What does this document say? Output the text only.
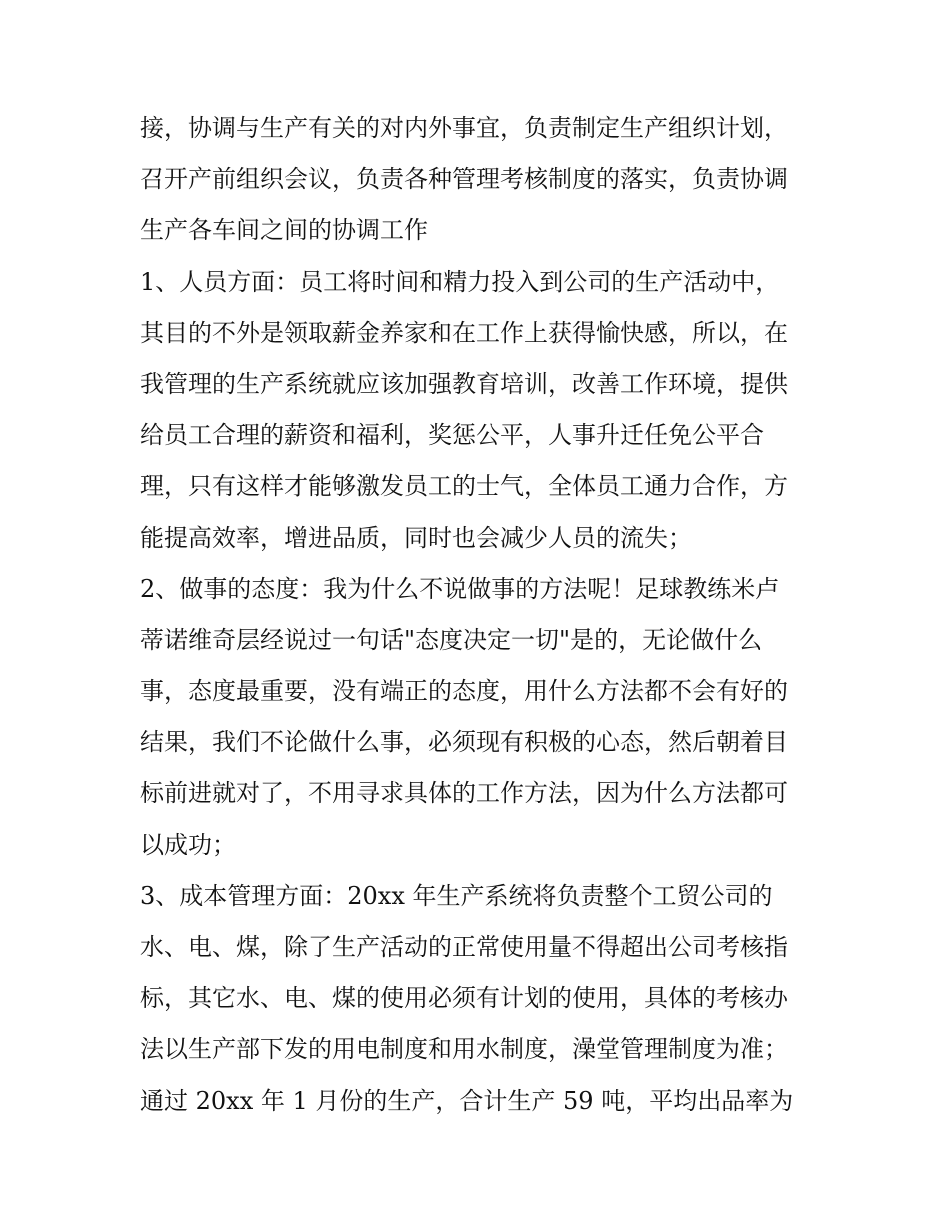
接，协调与生产有关的对内外事宜，负责制定生产组织计划，
召开产前组织会议，负责各种管理考核制度的落实，负责协调
生产各车间之间的协调工作
1、人员方面：员工将时间和精力投入到公司的生产活动中，
其目的不外是领取薪金养家和在工作上获得愉快感，所以，在
我管理的生产系统就应该加强教育培训，改善工作环境，提供
给员工合理的薪资和福利，奖惩公平，人事升迁任免公平合
理，只有这样才能够激发员工的士气，全体员工通力合作，方
能提高效率，增进品质，同时也会减少人员的流失；
2、做事的态度：我为什么不说做事的方法呢！足球教练米卢
蒂诺维奇层经说过一句话"态度决定一切"是的，无论做什么
事，态度最重要，没有端正的态度，用什么方法都不会有好的
结果，我们不论做什么事，必须现有积极的心态，然后朝着目
标前进就对了，不用寻求具体的工作方法，因为什么方法都可
以成功；
3、成本管理方面：20xx 年生产系统将负责整个工贸公司的
水、电、煤，除了生产活动的正常使用量不得超出公司考核指
标，其它水、电、煤的使用必须有计划的使用，具体的考核办
法以生产部下发的用电制度和用水制度，澡堂管理制度为准；
通过 20xx 年 1 月份的生产，合计生产 59 吨，平均出品率为
